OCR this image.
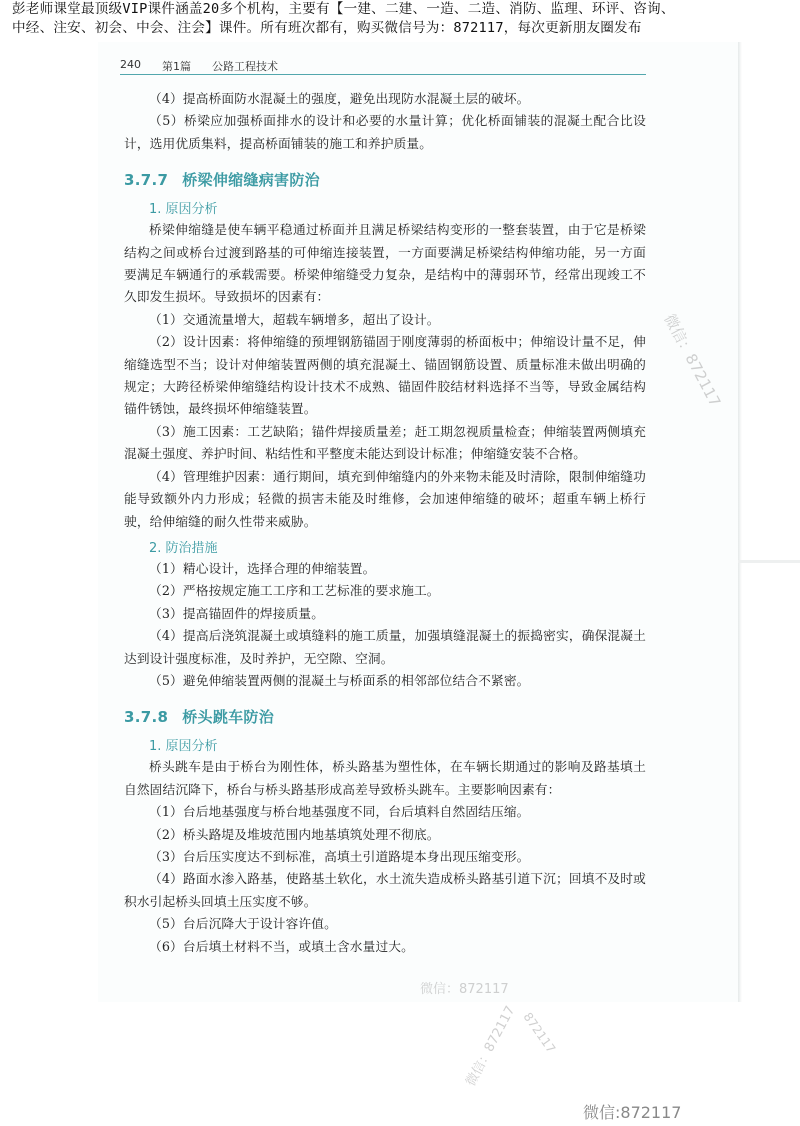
彭老师课堂最顶级VIP课件涵盖20多个机构，主要有【一建、二建、一造、二造、消防、监理、环评、咨询、
中经、注安、初会、中会、注会】课件。所有班次都有，购买微信号为：872117，每次更新朋友圈发布
240 第1篇 公路工程技术

（4）提高桥面防水混凝土的强度，避免出现防水混凝土层的破坏。

（5）桥梁应加强桥面排水的设计和必要的水量计算；优化桥面铺装的混凝土配合比设计，选用优质集料，提高桥面铺装的施工和养护质量。

3.7.7 桥梁伸缩缝病害防治
1. 原因分析

桥梁伸缩缝是使车辆平稳通过桥面并且满足桥梁结构变形的一整套装置，由于它是桥梁结构之间或桥台过渡到路基的可伸缩连接装置，一方面要满足桥梁结构伸缩功能，另一方面要满足车辆通行的承载需要。桥梁伸缩缝受力复杂，是结构中的薄弱环节，经常出现竣工不久即发生损坏。导致损坏的因素有：

（1）交通流量增大，超载车辆增多，超出了设计。

（2）设计因素：将伸缩缝的预埋钢筋锚固于刚度薄弱的桥面板中；伸缩设计量不足，伸缩缝选型不当；设计对伸缩装置两侧的填充混凝土、锚固钢筋设置、质量标准未做出明确的规定；大跨径桥梁伸缩缝结构设计技术不成熟、锚固件胶结材料选择不当等，导致金属结构锚件锈蚀，最终损坏伸缩缝装置。

（3）施工因素：工艺缺陷；锚件焊接质量差；赶工期忽视质量检查；伸缩装置两侧填充混凝土强度、养护时间、粘结性和平整度未能达到设计标准；伸缩缝安装不合格。

（4）管理维护因素：通行期间，填充到伸缩缝内的外来物未能及时清除，限制伸缩缝功能导致额外内力形成；轻微的损害未能及时维修，会加速伸缩缝的破坏；超重车辆上桥行驶，给伸缩缝的耐久性带来威胁。

2. 防治措施

（1）精心设计，选择合理的伸缩装置。

（2）严格按规定施工工序和工艺标准的要求施工。

（3）提高锚固件的焊接质量。

（4）提高后浇筑混凝土或填缝料的施工质量，加强填缝混凝土的振捣密实，确保混凝土达到设计强度标准，及时养护，无空隙、空洞。

（5）避免伸缩装置两侧的混凝土与桥面系的相邻部位结合不紧密。

3.7.8 桥头跳车防治
1. 原因分析

桥头跳车是由于桥台为刚性体，桥头路基为塑性体，在车辆长期通过的影响及路基填土自然固结沉降下，桥台与桥头路基形成高差导致桥头跳车。主要影响因素有：

（1）台后地基强度与桥台地基强度不同，台后填料自然固结压缩。

（2）桥头路堤及堆坡范围内地基填筑处理不彻底。

（3）台后压实度达不到标准，高填土引道路堤本身出现压缩变形。

（4）路面水渗入路基，使路基土软化，水土流失造成桥头路基引道下沉；回填不及时或积水引起桥头回填土压实度不够。

（5）台后沉降大于设计容许值。

（6）台后填土材料不当，或填土含水量过大。

微信：872117
微信：872117
微信：872117 872117
微信:872117
